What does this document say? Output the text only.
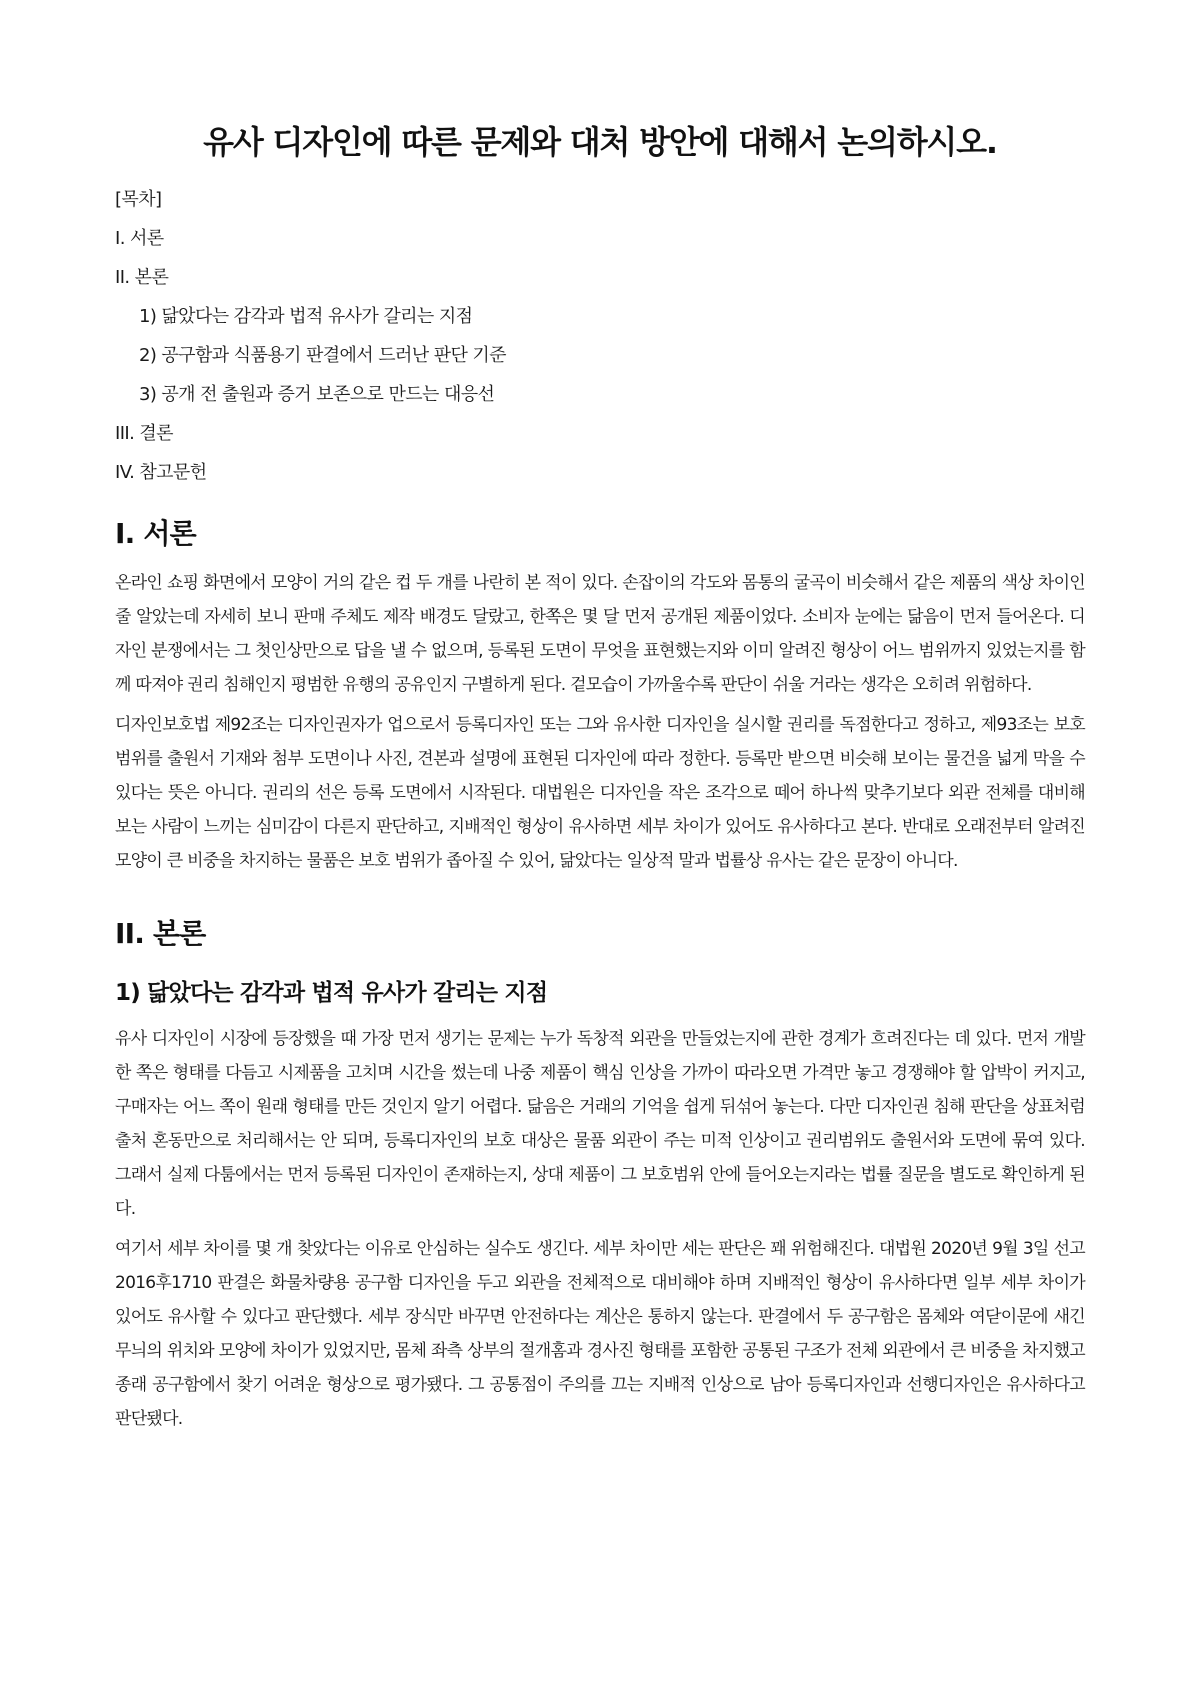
유사 디자인에 따른 문제와 대처 방안에 대해서 논의하시오.
[목차]
I. 서론
II. 본론
1) 닮았다는 감각과 법적 유사가 갈리는 지점
2) 공구함과 식품용기 판결에서 드러난 판단 기준
3) 공개 전 출원과 증거 보존으로 만드는 대응선
III. 결론
IV. 참고문헌
I. 서론

온라인 쇼핑 화면에서 모양이 거의 같은 컵 두 개를 나란히 본 적이 있다. 손잡이의 각도와 몸통의 굴곡이 비슷해서 같은 제품의 색상 차이인 줄 알았는데 자세히 보니 판매 주체도 제작 배경도 달랐고, 한쪽은 몇 달 먼저 공개된 제품이었다. 소비자 눈에는 닮음이 먼저 들어온다. 디자인 분쟁에서는 그 첫인상만으로 답을 낼 수 없으며, 등록된 도면이 무엇을 표현했는지와 이미 알려진 형상이 어느 범위까지 있었는지를 함께 따져야 권리 침해인지 평범한 유행의 공유인지 구별하게 된다. 겉모습이 가까울수록 판단이 쉬울 거라는 생각은 오히려 위험하다.

디자인보호법 제92조는 디자인권자가 업으로서 등록디자인 또는 그와 유사한 디자인을 실시할 권리를 독점한다고 정하고, 제93조는 보호범위를 출원서 기재와 첨부 도면이나 사진, 견본과 설명에 표현된 디자인에 따라 정한다. 등록만 받으면 비슷해 보이는 물건을 넓게 막을 수 있다는 뜻은 아니다. 권리의 선은 등록 도면에서 시작된다. 대법원은 디자인을 작은 조각으로 떼어 하나씩 맞추기보다 외관 전체를 대비해 보는 사람이 느끼는 심미감이 다른지 판단하고, 지배적인 형상이 유사하면 세부 차이가 있어도 유사하다고 본다. 반대로 오래전부터 알려진 모양이 큰 비중을 차지하는 물품은 보호 범위가 좁아질 수 있어, 닮았다는 일상적 말과 법률상 유사는 같은 문장이 아니다.

II. 본론
1) 닮았다는 감각과 법적 유사가 갈리는 지점

유사 디자인이 시장에 등장했을 때 가장 먼저 생기는 문제는 누가 독창적 외관을 만들었는지에 관한 경계가 흐려진다는 데 있다. 먼저 개발한 쪽은 형태를 다듬고 시제품을 고치며 시간을 썼는데 나중 제품이 핵심 인상을 가까이 따라오면 가격만 놓고 경쟁해야 할 압박이 커지고, 구매자는 어느 쪽이 원래 형태를 만든 것인지 알기 어렵다. 닮음은 거래의 기억을 쉽게 뒤섞어 놓는다. 다만 디자인권 침해 판단을 상표처럼 출처 혼동만으로 처리해서는 안 되며, 등록디자인의 보호 대상은 물품 외관이 주는 미적 인상이고 권리범위도 출원서와 도면에 묶여 있다. 그래서 실제 다툼에서는 먼저 등록된 디자인이 존재하는지, 상대 제품이 그 보호범위 안에 들어오는지라는 법률 질문을 별도로 확인하게 된다.

여기서 세부 차이를 몇 개 찾았다는 이유로 안심하는 실수도 생긴다. 세부 차이만 세는 판단은 꽤 위험해진다. 대법원 2020년 9월 3일 선고 2016후1710 판결은 화물차량용 공구함 디자인을 두고 외관을 전체적으로 대비해야 하며 지배적인 형상이 유사하다면 일부 세부 차이가 있어도 유사할 수 있다고 판단했다. 세부 장식만 바꾸면 안전하다는 계산은 통하지 않는다. 판결에서 두 공구함은 몸체와 여닫이문에 새긴 무늬의 위치와 모양에 차이가 있었지만, 몸체 좌측 상부의 절개홈과 경사진 형태를 포함한 공통된 구조가 전체 외관에서 큰 비중을 차지했고 종래 공구함에서 찾기 어려운 형상으로 평가됐다. 그 공통점이 주의를 끄는 지배적 인상으로 남아 등록디자인과 선행디자인은 유사하다고 판단됐다.
